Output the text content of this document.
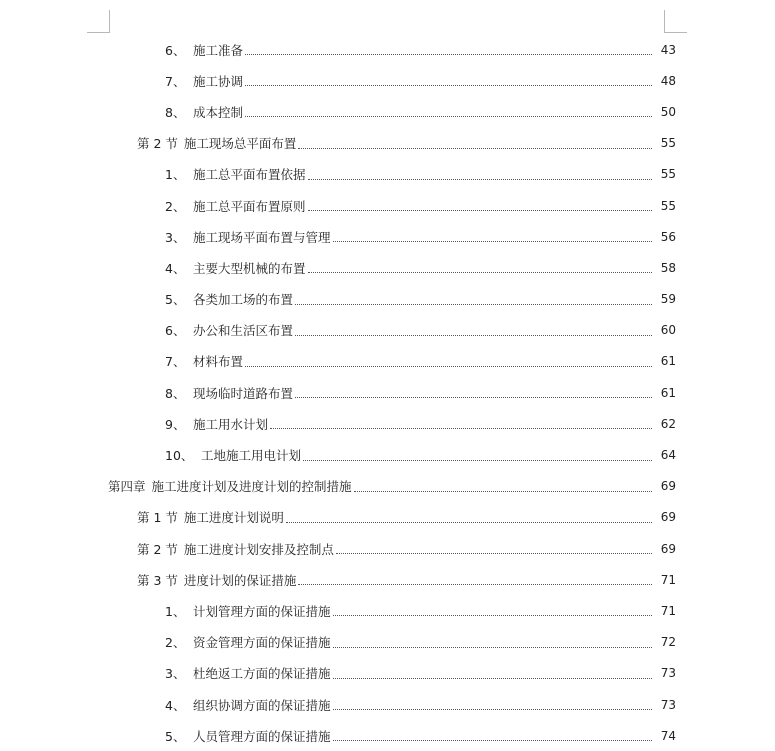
6、 施工准备	43
7、 施工协调	48
8、 成本控制	50
第 2 节 施工现场总平面布置	55
1、 施工总平面布置依据	55
2、 施工总平面布置原则	55
3、 施工现场平面布置与管理	56
4、 主要大型机械的布置	58
5、 各类加工场的布置	59
6、 办公和生活区布置	60
7、 材料布置	61
8、 现场临时道路布置	61
9、 施工用水计划	62
10、 工地施工用电计划	64
第四章 施工进度计划及进度计划的控制措施	69
第 1 节 施工进度计划说明	69
第 2 节 施工进度计划安排及控制点	69
第 3 节 进度计划的保证措施	71
1、 计划管理方面的保证措施	71
2、 资金管理方面的保证措施	72
3、 杜绝返工方面的保证措施	73
4、 组织协调方面的保证措施	73
5、 人员管理方面的保证措施	74
